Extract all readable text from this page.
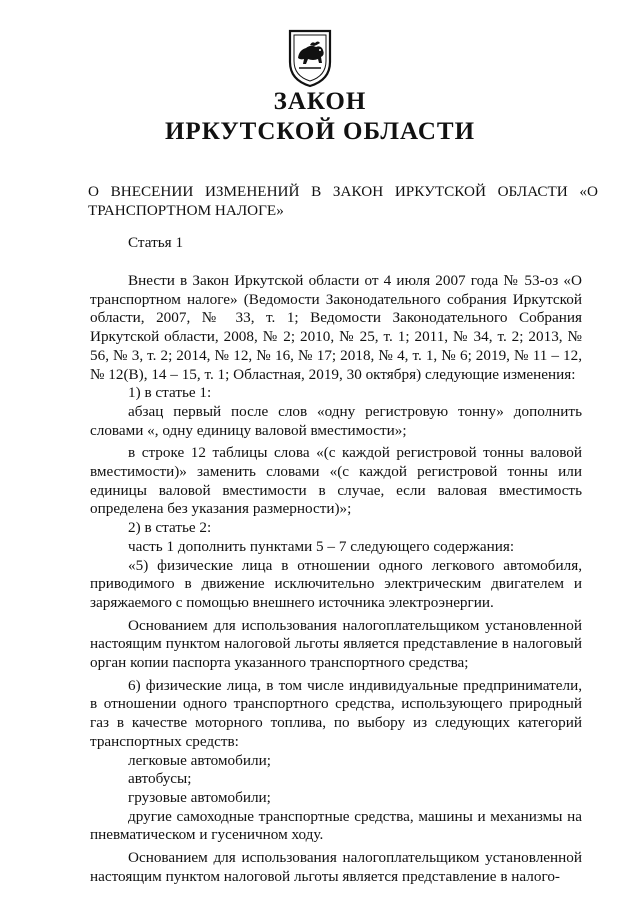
ЗАКОН
ИРКУТСКОЙ ОБЛАСТИ
О ВНЕСЕНИИ ИЗМЕНЕНИЙ В ЗАКОН ИРКУТСКОЙ ОБЛАСТИ «О ТРАНСПОРТНОМ НАЛОГЕ»
Статья 1

Внести в Закон Иркутской области от 4 июля 2007 года № 53-оз «О транспортном налоге» (Ведомости Законодательного собрания Иркутской области, 2007, № 33, т. 1; Ведомости Законодательного Собрания Иркутской области, 2008, № 2; 2010, № 25, т. 1; 2011, № 34, т. 2; 2013, № 56, № 3, т. 2; 2014, № 12, № 16, № 17; 2018, № 4, т. 1, № 6; 2019, № 11 – 12, № 12(В), 14 – 15, т. 1; Областная, 2019, 30 октября) следующие изменения:

1) в статье 1:

абзац первый после слов «одну регистровую тонну» дополнить словами «, одну единицу валовой вместимости»;

в строке 12 таблицы слова «(с каждой регистровой тонны валовой вместимости)» заменить словами «(с каждой регистровой тонны или единицы валовой вместимости в случае, если валовая вместимость определена без указания размерности)»;

2) в статье 2:

часть 1 дополнить пунктами 5 – 7 следующего содержания:

«5) физические лица в отношении одного легкового автомобиля, приводимого в движение исключительно электрическим двигателем и заряжаемого с помощью внешнего источника электроэнергии.

Основанием для использования налогоплательщиком установленной настоящим пунктом налоговой льготы является представление в налоговый орган копии паспорта указанного транспортного средства;

6) физические лица, в том числе индивидуальные предприниматели, в отношении одного транспортного средства, использующего природный газ в качестве моторного топлива, по выбору из следующих категорий транспортных средств:

легковые автомобили;

автобусы;

грузовые автомобили;

другие самоходные транспортные средства, машины и механизмы на пневматическом и гусеничном ходу.

Основанием для использования налогоплательщиком установленной настоящим пунктом налоговой льготы является представление в налого-
